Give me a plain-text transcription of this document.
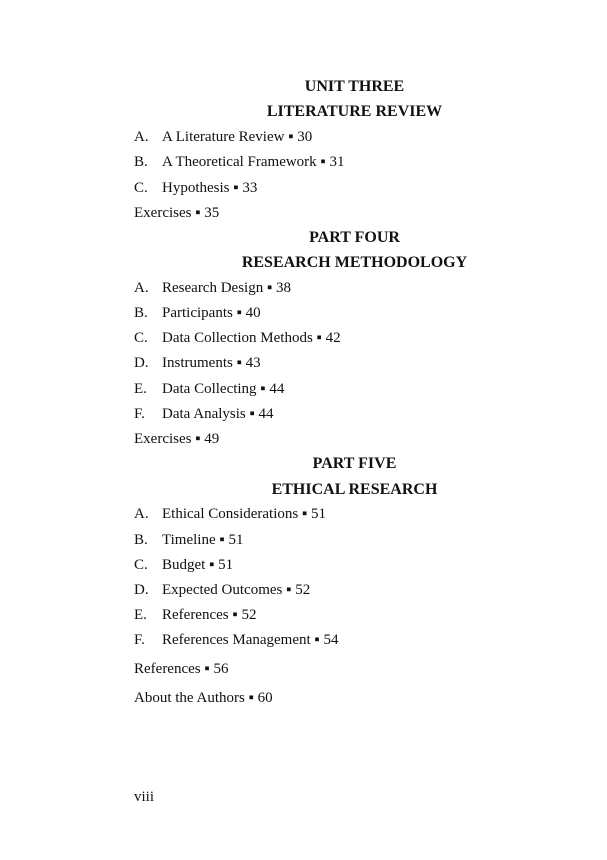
UNIT THREE
LITERATURE REVIEW
A. A Literature Review ▪ 30
B. A Theoretical Framework ▪ 31
C. Hypothesis ▪ 33
Exercises ▪ 35
PART FOUR
RESEARCH METHODOLOGY
A. Research Design ▪ 38
B. Participants ▪ 40
C. Data Collection Methods ▪ 42
D. Instruments ▪ 43
E. Data Collecting ▪ 44
F. Data Analysis ▪ 44
Exercises ▪ 49
PART FIVE
ETHICAL RESEARCH
A. Ethical Considerations ▪ 51
B. Timeline ▪ 51
C. Budget ▪ 51
D. Expected Outcomes ▪ 52
E. References ▪ 52
F. References Management ▪ 54
References ▪ 56
About the Authors ▪ 60
viii
